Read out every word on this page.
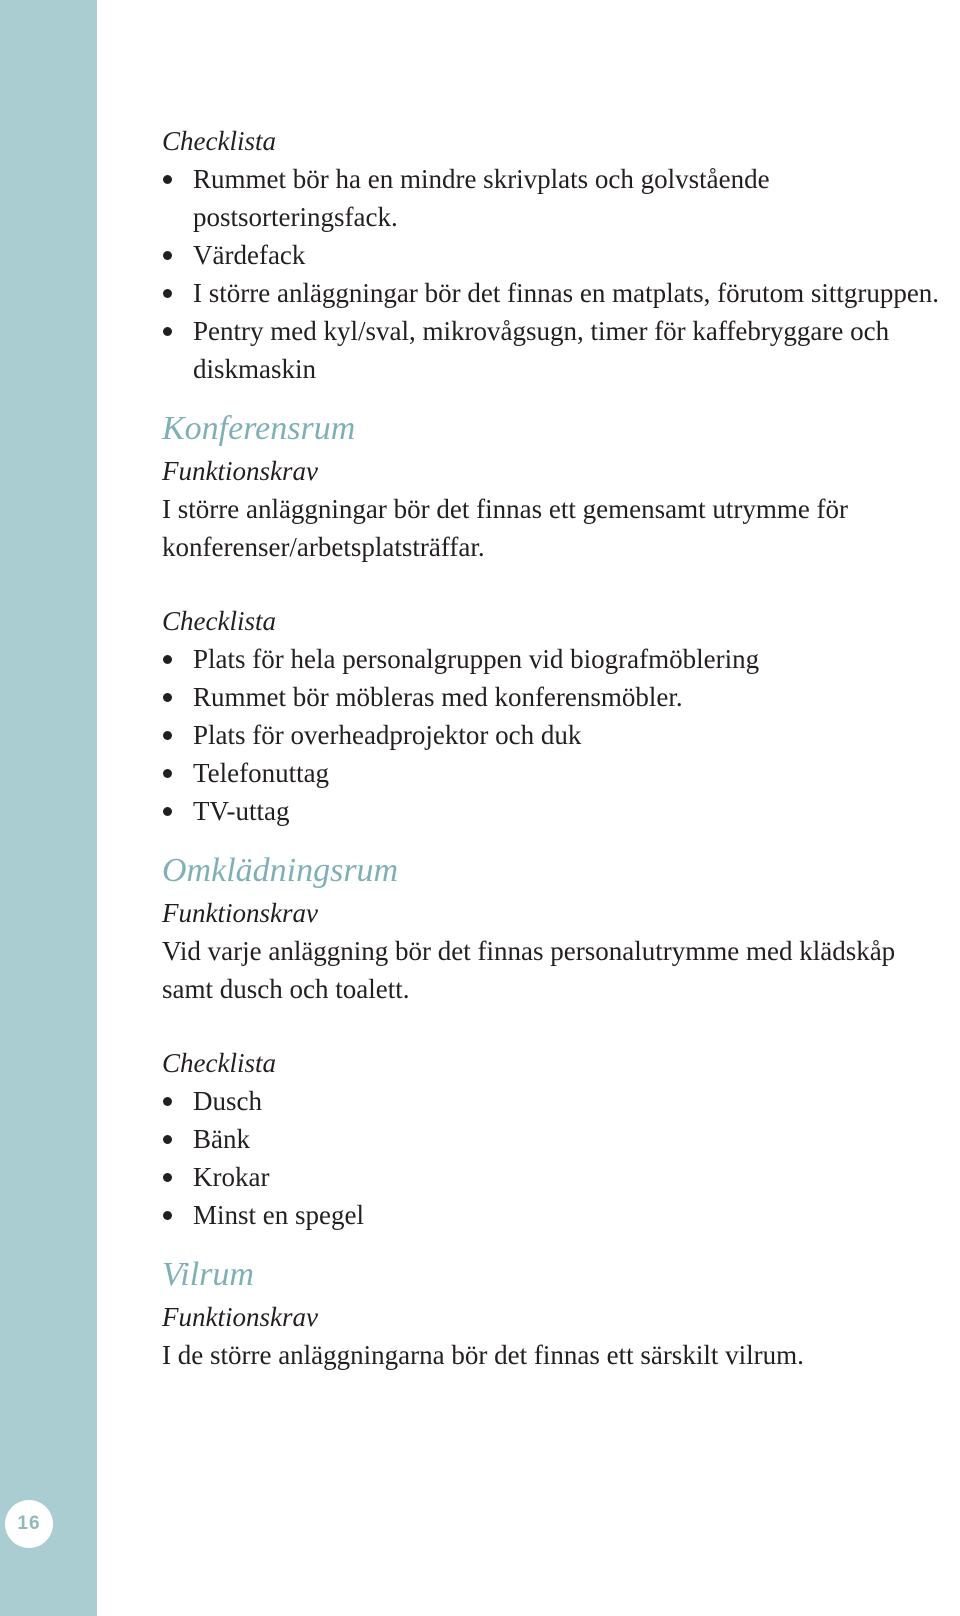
16

Checklista

Rummet bör ha en mindre skrivplats och golvstående postsorteringsfack.
Värdefack
I större anläggningar bör det finnas en matplats, förutom sittgruppen.
Pentry med kyl/sval, mikrovågsugn, timer för kaffebryggare och diskmaskin
Konferensrum

Funktionskrav

I större anläggningar bör det finnas ett gemensamt utrymme för konferenser/arbetsplatsträffar.

Checklista

Plats för hela personalgruppen vid biografmöblering
Rummet bör möbleras med konferensmöbler.
Plats för overheadprojektor och duk
Telefonuttag
TV-uttag
Omklädningsrum

Funktionskrav

Vid varje anläggning bör det finnas personalutrymme med klädskåp samt dusch och toalett.

Checklista

Dusch
Bänk
Krokar
Minst en spegel
Vilrum

Funktionskrav

I de större anläggningarna bör det finnas ett särskilt vilrum.
